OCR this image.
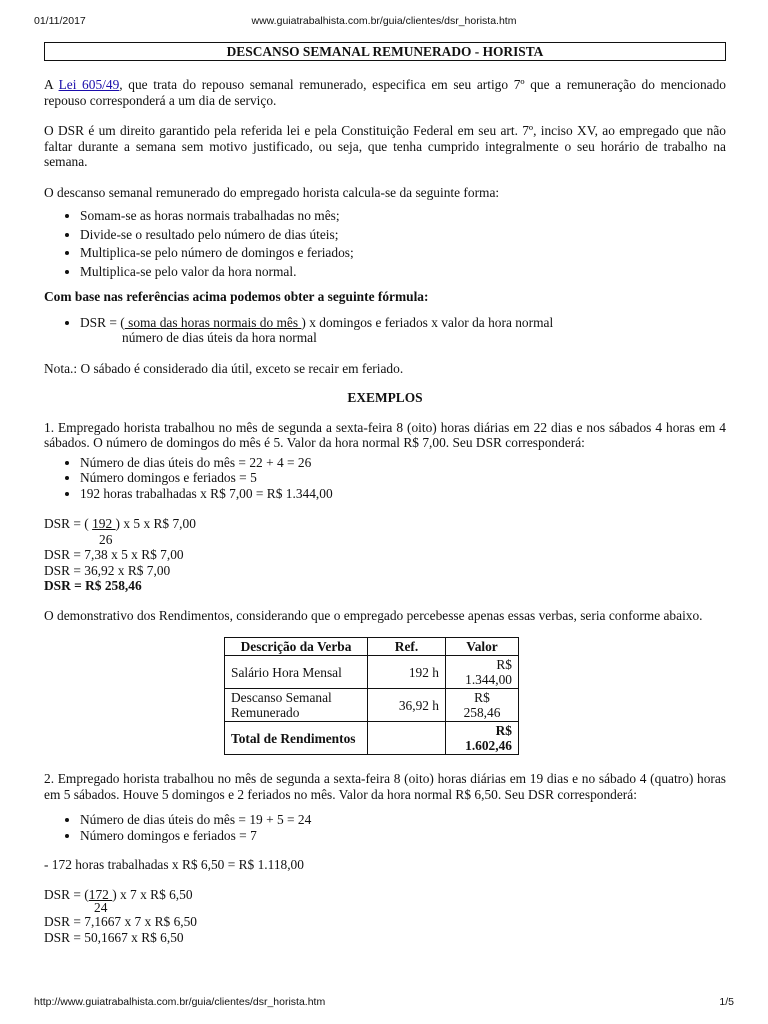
01/11/2017	www.guiatrabalhista.com.br/guia/clientes/dsr_horista.htm
DESCANSO SEMANAL REMUNERADO - HORISTA

A Lei 605/49, que trata do repouso semanal remunerado, especifica em seu artigo 7º que a remuneração do mencionado repouso corresponderá a um dia de serviço.

O DSR é um direito garantido pela referida lei e pela Constituição Federal em seu art. 7º, inciso XV, ao empregado que não faltar durante a semana sem motivo justificado, ou seja, que tenha cumprido integralmente o seu horário de trabalho na semana.

O descanso semanal remunerado do empregado horista calcula-se da seguinte forma:

• Somam-se as horas normais trabalhadas no mês;
• Divide-se o resultado pelo número de dias úteis;
• Multiplica-se pelo número de domingos e feriados;
• Multiplica-se pelo valor da hora normal.

Com base nas referências acima podemos obter a seguinte fórmula:

• DSR = ( soma das horas normais do mês ) x domingos e feriados x valor da hora normal
número de dias úteis da hora normal

Nota.: O sábado é considerado dia útil, exceto se recair em feriado.

EXEMPLOS

1. Empregado horista trabalhou no mês de segunda a sexta-feira 8 (oito) horas diárias em 22 dias e nos sábados 4 horas em 4 sábados. O número de domingos do mês é 5. Valor da hora normal R$ 7,00. Seu DSR corresponderá:

• Número de dias úteis do mês = 22 + 4 = 26
• Número domingos e feriados = 5
• 192 horas trabalhadas x R$ 7,00 = R$ 1.344,00
DSR = ( 192 ) x 5 x R$ 7,00
26
DSR = 7,38 x 5 x R$ 7,00
DSR = 36,92 x R$ 7,00
DSR = R$ 258,46

O demonstrativo dos Rendimentos, considerando que o empregado percebesse apenas essas verbas, seria conforme abaixo.

Descrição da Verba	Ref.	Valor
Salário Hora Mensal	192 h	R$
1.344,00
Descanso Semanal Remunerado	36,92 h	R$
258,46
Total de Rendimentos		R$
1.602,46

2. Empregado horista trabalhou no mês de segunda a sexta-feira 8 (oito) horas diárias em 19 dias e no sábado 4 (quatro) horas em 5 sábados. Houve 5 domingos e 2 feriados no mês. Valor da hora normal R$ 6,50. Seu DSR corresponderá:

• Número de dias úteis do mês = 19 + 5 = 24
• Número domingos e feriados = 7

- 172 horas trabalhadas x R$ 6,50 = R$ 1.118,00

DSR = (172 ) x 7 x R$ 6,50
24
DSR = 7,1667 x 7 x R$ 6,50
DSR = 50,1667 x R$ 6,50
http://www.guiatrabalhista.com.br/guia/clientes/dsr_horista.htm	1/5
